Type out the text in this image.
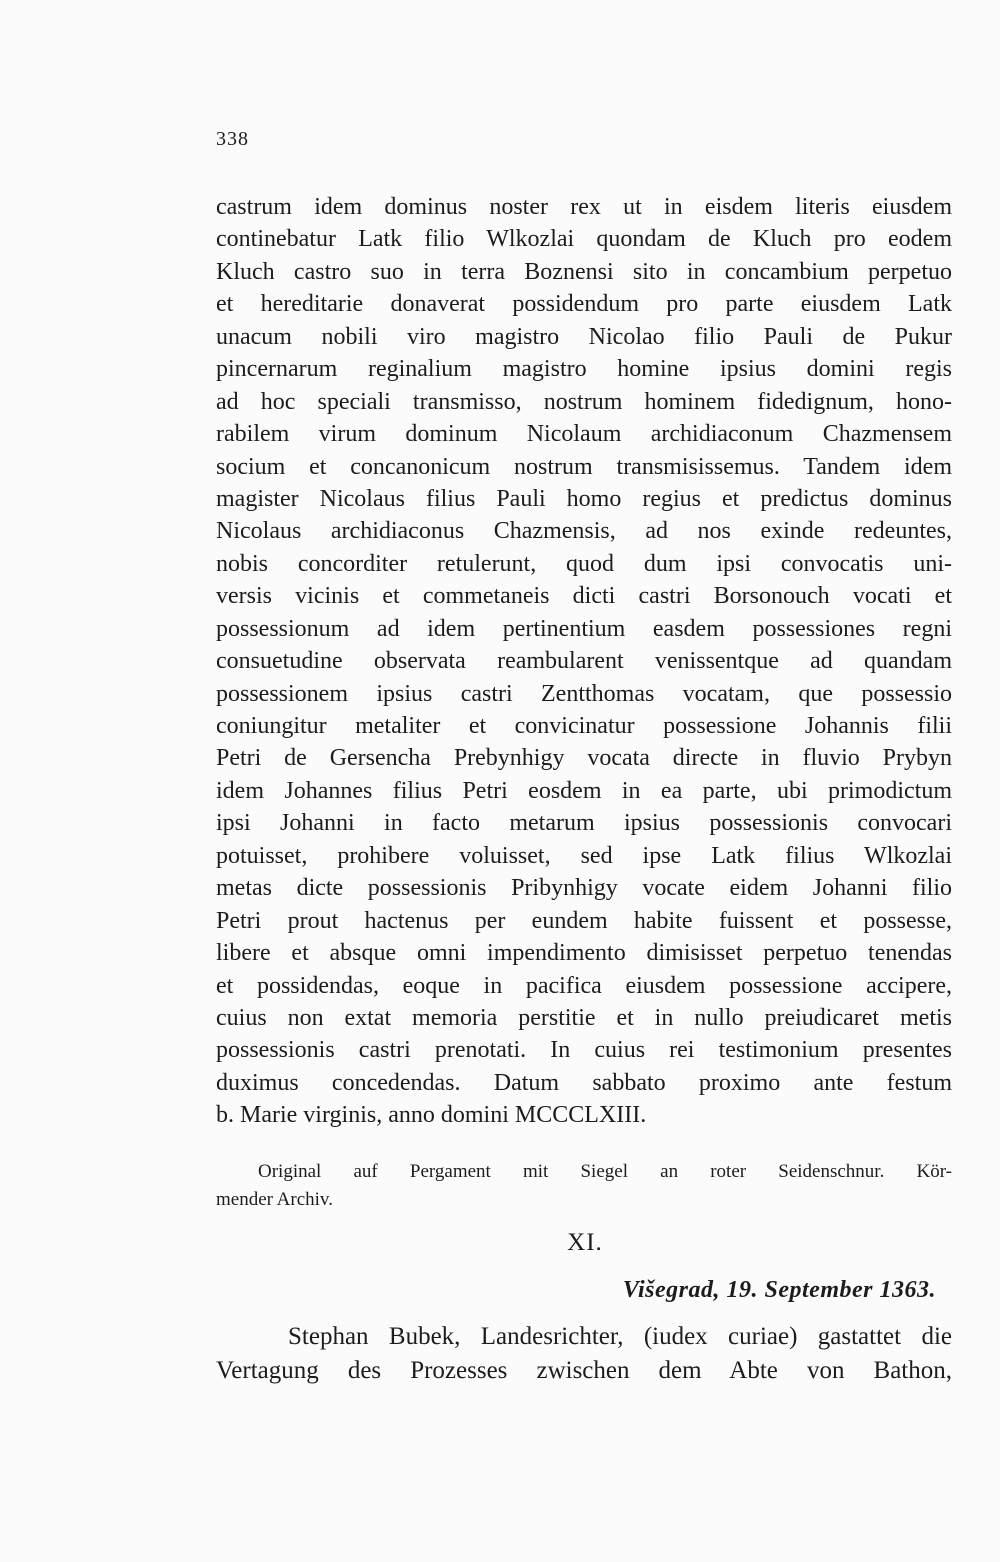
338
castrum idem dominus noster rex ut in eisdem literis eiusdem
continebatur Latk filio Wlkozlai quondam de Kluch pro eodem
Kluch castro suo in terra Boznensi sito in concambium perpetuo
et hereditarie donaverat possidendum pro parte eiusdem Latk
unacum nobili viro magistro Nicolao filio Pauli de Pukur
pincernarum reginalium magistro homine ipsius domini regis
ad hoc speciali transmisso, nostrum hominem fidedignum, hono-
rabilem virum dominum Nicolaum archidiaconum Chazmensem
socium et concanonicum nostrum transmisissemus. Tandem idem
magister Nicolaus filius Pauli homo regius et predictus dominus
Nicolaus archidiaconus Chazmensis, ad nos exinde redeuntes,
nobis concorditer retulerunt, quod dum ipsi convocatis uni-
versis vicinis et commetaneis dicti castri Borsonouch vocati et
possessionum ad idem pertinentium easdem possessiones regni
consuetudine observata reambularent venissentque ad quandam
possessionem ipsius castri Zentthomas vocatam, que possessio
coniungitur metaliter et convicinatur possessione Johannis filii
Petri de Gersencha Prebynhigy vocata directe in fluvio Prybyn
idem Johannes filius Petri eosdem in ea parte, ubi primodictum
ipsi Johanni in facto metarum ipsius possessionis convocari
potuisset, prohibere voluisset, sed ipse Latk filius Wlkozlai
metas dicte possessionis Pribynhigy vocate eidem Johanni filio
Petri prout hactenus per eundem habite fuissent et possesse,
libere et absque omni impendimento dimisisset perpetuo tenendas
et possidendas, eoque in pacifica eiusdem possessione accipere,
cuius non extat memoria perstitie et in nullo preiudicaret metis
possessionis castri prenotati. In cuius rei testimonium presentes
duximus concedendas. Datum sabbato proximo ante festum
b. Marie virginis, anno domini MCCCLXIII.
Original auf Pergament mit Siegel an roter Seidenschnur. Kör-
mender Archiv.
XI.
Višegrad, 19. September 1363.
Stephan Bubek, Landesrichter, (iudex curiae) gastattet die
Vertagung des Prozesses zwischen dem Abte von Bathon,
